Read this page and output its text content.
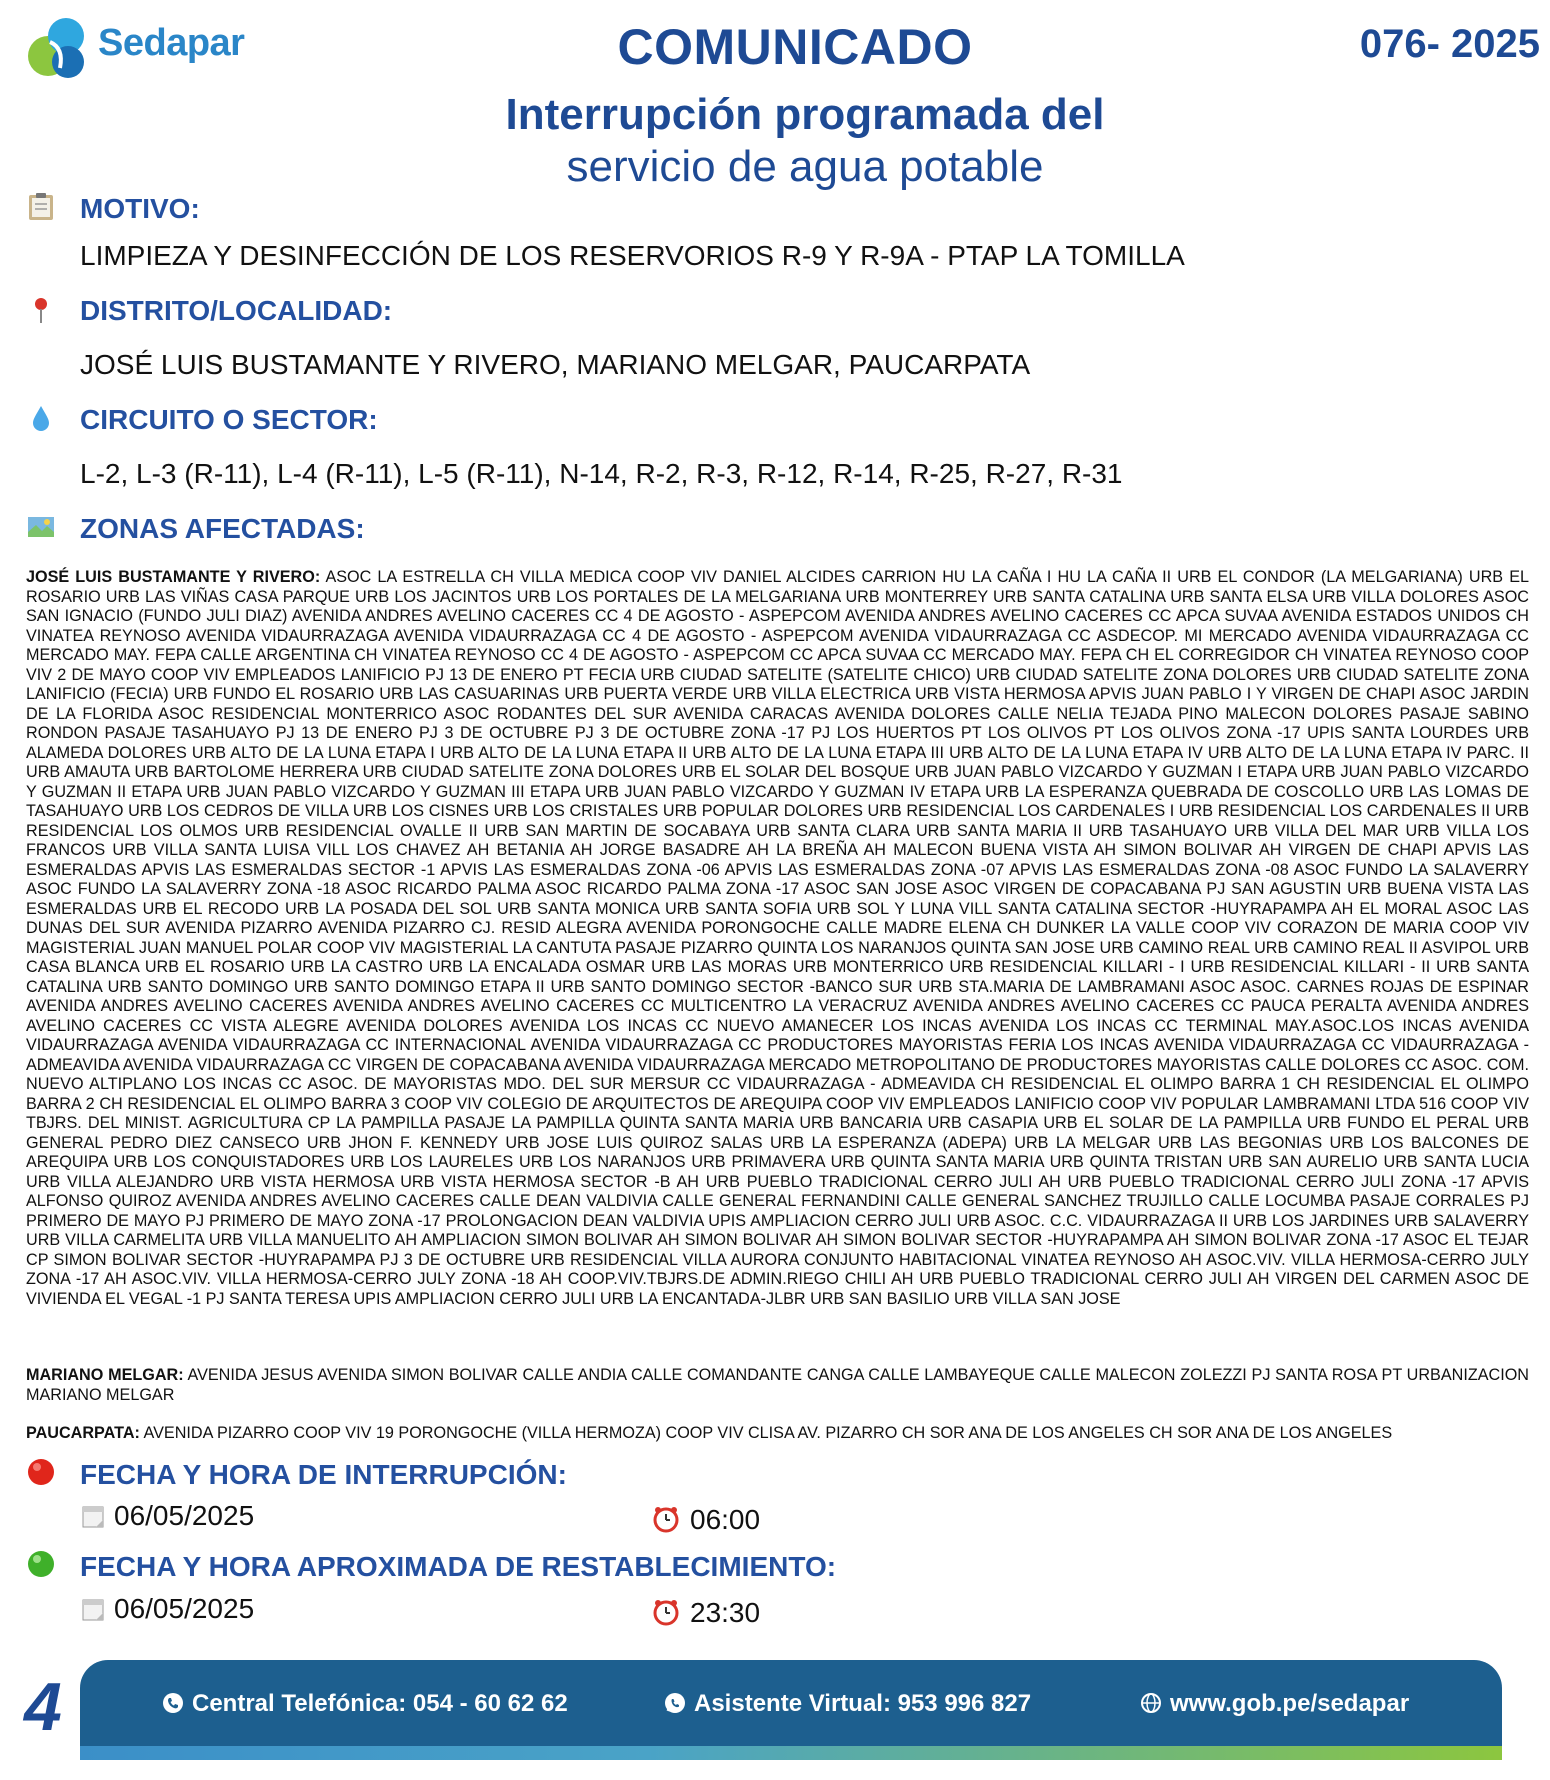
Sedapar	COMUNICADO	076- 2025
Interrupción programada del
servicio de agua potable
MOTIVO:
LIMPIEZA Y DESINFECCIÓN DE LOS RESERVORIOS R-9 Y R-9A - PTAP LA TOMILLA
DISTRITO/LOCALIDAD:
JOSÉ LUIS BUSTAMANTE Y RIVERO, MARIANO MELGAR, PAUCARPATA
CIRCUITO O SECTOR:
L-2, L-3 (R-11), L-4 (R-11), L-5 (R-11), N-14, R-2, R-3, R-12, R-14, R-25, R-27, R-31
ZONAS AFECTADAS:

JOSÉ LUIS BUSTAMANTE Y RIVERO: ASOC LA ESTRELLA CH VILLA MEDICA COOP VIV DANIEL ALCIDES CARRION HU LA CAÑA I HU LA CAÑA II URB EL CONDOR (LA MELGARIANA) URB EL ROSARIO URB LAS VIÑAS CASA PARQUE URB LOS JACINTOS URB LOS PORTALES DE LA MELGARIANA URB MONTERREY URB SANTA CATALINA URB SANTA ELSA URB VILLA DOLORES ASOC SAN IGNACIO (FUNDO JULI DIAZ) AVENIDA ANDRES AVELINO CACERES CC 4 DE AGOSTO - ASPEPCOM AVENIDA ANDRES AVELINO CACERES CC APCA SUVAA AVENIDA ESTADOS UNIDOS CH VINATEA REYNOSO AVENIDA VIDAURRAZAGA AVENIDA VIDAURRAZAGA CC 4 DE AGOSTO - ASPEPCOM AVENIDA VIDAURRAZAGA CC ASDECOP. MI MERCADO AVENIDA VIDAURRAZAGA CC MERCADO MAY. FEPA CALLE ARGENTINA CH VINATEA REYNOSO CC 4 DE AGOSTO - ASPEPCOM CC APCA SUVAA CC MERCADO MAY. FEPA CH EL CORREGIDOR CH VINATEA REYNOSO COOP VIV 2 DE MAYO COOP VIV EMPLEADOS LANIFICIO PJ 13 DE ENERO PT FECIA URB CIUDAD SATELITE (SATELITE CHICO) URB CIUDAD SATELITE ZONA DOLORES URB CIUDAD SATELITE ZONA LANIFICIO (FECIA) URB FUNDO EL ROSARIO URB LAS CASUARINAS URB PUERTA VERDE URB VILLA ELECTRICA URB VISTA HERMOSA APVIS JUAN PABLO I Y VIRGEN DE CHAPI ASOC JARDIN DE LA FLORIDA ASOC RESIDENCIAL MONTERRICO ASOC RODANTES DEL SUR AVENIDA CARACAS AVENIDA DOLORES CALLE NELIA TEJADA PINO MALECON DOLORES PASAJE SABINO RONDON PASAJE TASAHUAYO PJ 13 DE ENERO PJ 3 DE OCTUBRE PJ 3 DE OCTUBRE ZONA -17 PJ LOS HUERTOS PT LOS OLIVOS PT LOS OLIVOS ZONA -17 UPIS SANTA LOURDES URB ALAMEDA DOLORES URB ALTO DE LA LUNA ETAPA I URB ALTO DE LA LUNA ETAPA II URB ALTO DE LA LUNA ETAPA III URB ALTO DE LA LUNA ETAPA IV URB ALTO DE LA LUNA ETAPA IV PARC. II URB AMAUTA URB BARTOLOME HERRERA URB CIUDAD SATELITE ZONA DOLORES URB EL SOLAR DEL BOSQUE URB JUAN PABLO VIZCARDO Y GUZMAN I ETAPA URB JUAN PABLO VIZCARDO Y GUZMAN II ETAPA URB JUAN PABLO VIZCARDO Y GUZMAN III ETAPA URB JUAN PABLO VIZCARDO Y GUZMAN IV ETAPA URB LA ESPERANZA QUEBRADA DE COSCOLLO URB LAS LOMAS DE TASAHUAYO URB LOS CEDROS DE VILLA URB LOS CISNES URB LOS CRISTALES URB POPULAR DOLORES URB RESIDENCIAL LOS CARDENALES I URB RESIDENCIAL LOS CARDENALES II URB RESIDENCIAL LOS OLMOS URB RESIDENCIAL OVALLE II URB SAN MARTIN DE SOCABAYA URB SANTA CLARA URB SANTA MARIA II URB TASAHUAYO URB VILLA DEL MAR URB VILLA LOS FRANCOS URB VILLA SANTA LUISA VILL LOS CHAVEZ AH BETANIA AH JORGE BASADRE AH LA BREÑA AH MALECON BUENA VISTA AH SIMON BOLIVAR AH VIRGEN DE CHAPI APVIS LAS ESMERALDAS APVIS LAS ESMERALDAS SECTOR -1 APVIS LAS ESMERALDAS ZONA -06 APVIS LAS ESMERALDAS ZONA -07 APVIS LAS ESMERALDAS ZONA -08 ASOC FUNDO LA SALAVERRY ASOC FUNDO LA SALAVERRY ZONA -18 ASOC RICARDO PALMA ASOC RICARDO PALMA ZONA -17 ASOC SAN JOSE ASOC VIRGEN DE COPACABANA PJ SAN AGUSTIN URB BUENA VISTA LAS ESMERALDAS URB EL RECODO URB LA POSADA DEL SOL URB SANTA MONICA URB SANTA SOFIA URB SOL Y LUNA VILL SANTA CATALINA SECTOR -HUYRAPAMPA AH EL MORAL ASOC LAS DUNAS DEL SUR AVENIDA PIZARRO AVENIDA PIZARRO CJ. RESID ALEGRA AVENIDA PORONGOCHE CALLE MADRE ELENA CH DUNKER LA VALLE COOP VIV CORAZON DE MARIA COOP VIV MAGISTERIAL JUAN MANUEL POLAR COOP VIV MAGISTERIAL LA CANTUTA PASAJE PIZARRO QUINTA LOS NARANJOS QUINTA SAN JOSE URB CAMINO REAL URB CAMINO REAL II ASVIPOL URB CASA BLANCA URB EL ROSARIO URB LA CASTRO URB LA ENCALADA OSMAR URB LAS MORAS URB MONTERRICO URB RESIDENCIAL KILLARI - I URB RESIDENCIAL KILLARI - II URB SANTA CATALINA URB SANTO DOMINGO URB SANTO DOMINGO ETAPA II URB SANTO DOMINGO SECTOR -BANCO SUR URB STA.MARIA DE LAMBRAMANI ASOC ASOC. CARNES ROJAS DE ESPINAR AVENIDA ANDRES AVELINO CACERES AVENIDA ANDRES AVELINO CACERES CC MULTICENTRO LA VERACRUZ AVENIDA ANDRES AVELINO CACERES CC PAUCA PERALTA AVENIDA ANDRES AVELINO CACERES CC VISTA ALEGRE AVENIDA DOLORES AVENIDA LOS INCAS CC NUEVO AMANECER LOS INCAS AVENIDA LOS INCAS CC TERMINAL MAY.ASOC.LOS INCAS AVENIDA VIDAURRAZAGA AVENIDA VIDAURRAZAGA CC INTERNACIONAL AVENIDA VIDAURRAZAGA CC PRODUCTORES MAYORISTAS FERIA LOS INCAS AVENIDA VIDAURRAZAGA CC VIDAURRAZAGA - ADMEAVIDA AVENIDA VIDAURRAZAGA CC VIRGEN DE COPACABANA AVENIDA VIDAURRAZAGA MERCADO METROPOLITANO DE PRODUCTORES MAYORISTAS CALLE DOLORES CC ASOC. COM. NUEVO ALTIPLANO LOS INCAS CC ASOC. DE MAYORISTAS MDO. DEL SUR MERSUR CC VIDAURRAZAGA - ADMEAVIDA CH RESIDENCIAL EL OLIMPO BARRA 1 CH RESIDENCIAL EL OLIMPO BARRA 2 CH RESIDENCIAL EL OLIMPO BARRA 3 COOP VIV COLEGIO DE ARQUITECTOS DE AREQUIPA COOP VIV EMPLEADOS LANIFICIO COOP VIV POPULAR LAMBRAMANI LTDA 516 COOP VIV TBJRS. DEL MINIST. AGRICULTURA CP LA PAMPILLA PASAJE LA PAMPILLA QUINTA SANTA MARIA URB BANCARIA URB CASAPIA URB EL SOLAR DE LA PAMPILLA URB FUNDO EL PERAL URB GENERAL PEDRO DIEZ CANSECO URB JHON F. KENNEDY URB JOSE LUIS QUIROZ SALAS URB LA ESPERANZA (ADEPA) URB LA MELGAR URB LAS BEGONIAS URB LOS BALCONES DE AREQUIPA URB LOS CONQUISTADORES URB LOS LAURELES URB LOS NARANJOS URB PRIMAVERA URB QUINTA SANTA MARIA URB QUINTA TRISTAN URB SAN AURELIO URB SANTA LUCIA URB VILLA ALEJANDRO URB VISTA HERMOSA URB VISTA HERMOSA SECTOR -B AH URB PUEBLO TRADICIONAL CERRO JULI AH URB PUEBLO TRADICIONAL CERRO JULI ZONA -17 APVIS ALFONSO QUIROZ AVENIDA ANDRES AVELINO CACERES CALLE DEAN VALDIVIA CALLE GENERAL FERNANDINI CALLE GENERAL SANCHEZ TRUJILLO CALLE LOCUMBA PASAJE CORRALES PJ PRIMERO DE MAYO PJ PRIMERO DE MAYO ZONA -17 PROLONGACION DEAN VALDIVIA UPIS AMPLIACION CERRO JULI URB ASOC. C.C. VIDAURRAZAGA II URB LOS JARDINES URB SALAVERRY URB VILLA CARMELITA URB VILLA MANUELITO AH AMPLIACION SIMON BOLIVAR AH SIMON BOLIVAR AH SIMON BOLIVAR SECTOR -HUYRAPAMPA AH SIMON BOLIVAR ZONA -17 ASOC EL TEJAR CP SIMON BOLIVAR SECTOR -HUYRAPAMPA PJ 3 DE OCTUBRE URB RESIDENCIAL VILLA AURORA CONJUNTO HABITACIONAL VINATEA REYNOSO AH ASOC.VIV. VILLA HERMOSA-CERRO JULY ZONA -17 AH ASOC.VIV. VILLA HERMOSA-CERRO JULY ZONA -18 AH COOP.VIV.TBJRS.DE ADMIN.RIEGO CHILI AH URB PUEBLO TRADICIONAL CERRO JULI AH VIRGEN DEL CARMEN ASOC DE VIVIENDA EL VEGAL -1 PJ SANTA TERESA UPIS AMPLIACION CERRO JULI URB LA ENCANTADA-JLBR URB SAN BASILIO URB VILLA SAN JOSE

MARIANO MELGAR: AVENIDA JESUS AVENIDA SIMON BOLIVAR CALLE ANDIA CALLE COMANDANTE CANGA CALLE LAMBAYEQUE CALLE MALECON ZOLEZZI PJ SANTA ROSA PT URBANIZACION MARIANO MELGAR

PAUCARPATA: AVENIDA PIZARRO COOP VIV 19 PORONGOCHE (VILLA HERMOZA) COOP VIV CLISA AV. PIZARRO CH SOR ANA DE LOS ANGELES CH SOR ANA DE LOS ANGELES

FECHA Y HORA DE INTERRUPCIÓN:
06/05/2025	06:00
FECHA Y HORA APROXIMADA DE RESTABLECIMIENTO:
06/05/2025	23:30
4	Central Telefónica: 054 - 60 62 62	Asistente Virtual: 953 996 827	www.gob.pe/sedapar
